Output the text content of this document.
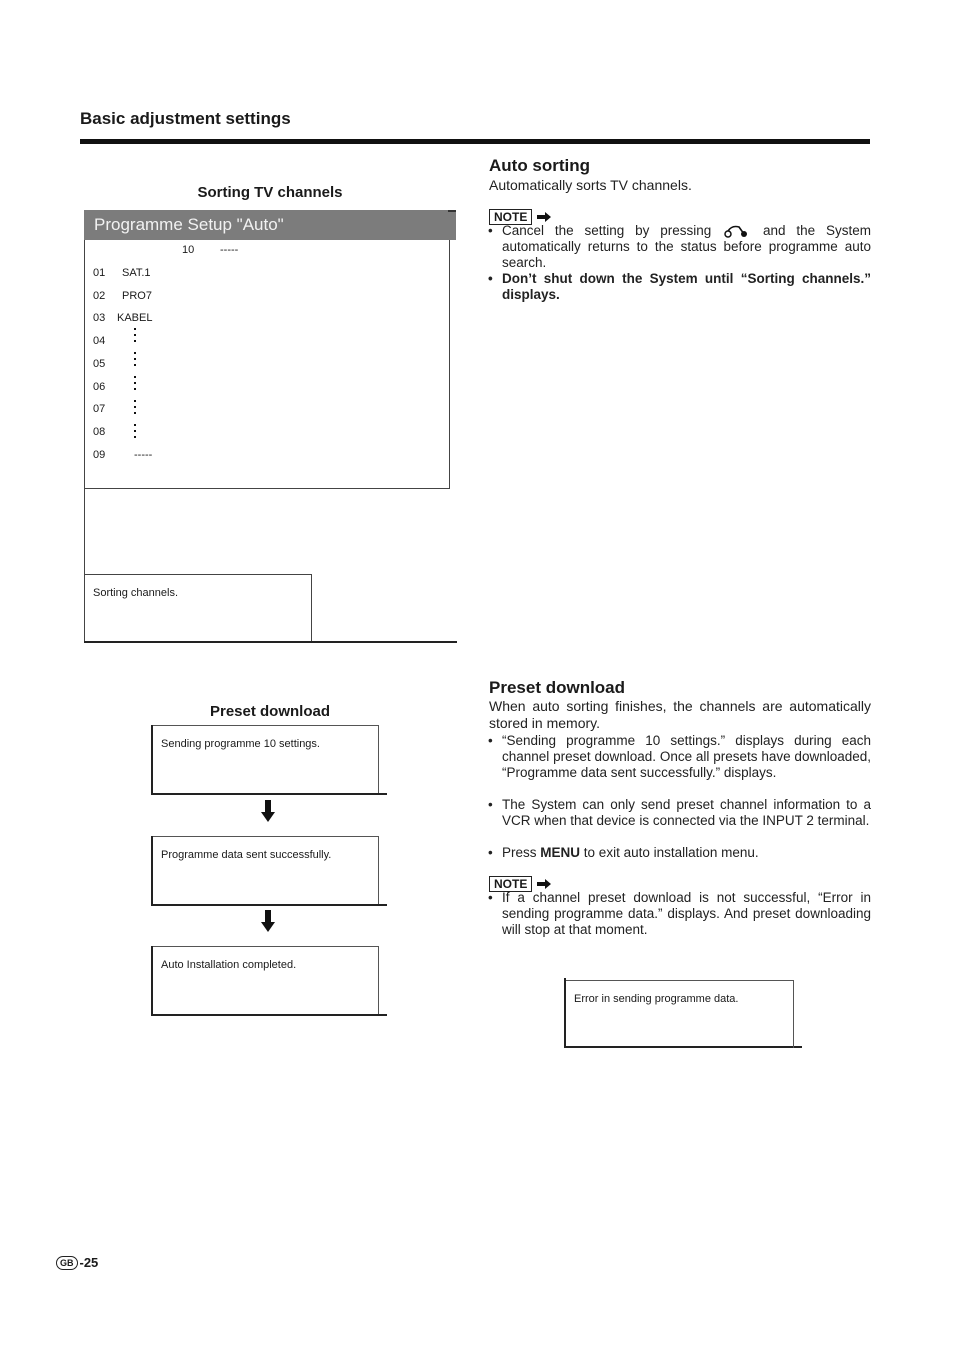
Basic adjustment settings
Sorting TV channels
Programme Setup "Auto"
10 -----
01 SAT.1
02 PRO7
03 KABEL
04
05
06
07
08
09	-----
Sorting channels.
Preset download
Sending programme 10 settings.
Programme data sent successfully.
Auto Installation completed.
Auto sorting
Automatically sorts TV channels.
NOTE
• Cancel the setting by pressing	and the System automatically returns to the status before programme auto search.
• Don’t shut down the System until “Sorting channels.” displays.
Preset download
When auto sorting finishes, the channels are automatically stored in memory.
• “Sending programme 10 settings.” displays during each channel preset download. Once all presets have downloaded, “Programme data sent successfully.” displays.
• The System can only send preset channel information to a VCR when that device is connected via the INPUT 2 terminal.
• Press MENU to exit auto installation menu.
NOTE
• If a channel preset download is not successful, “Error in sending programme data.” displays. And preset downloading will stop at that moment.
Error in sending programme data.
GB -25
